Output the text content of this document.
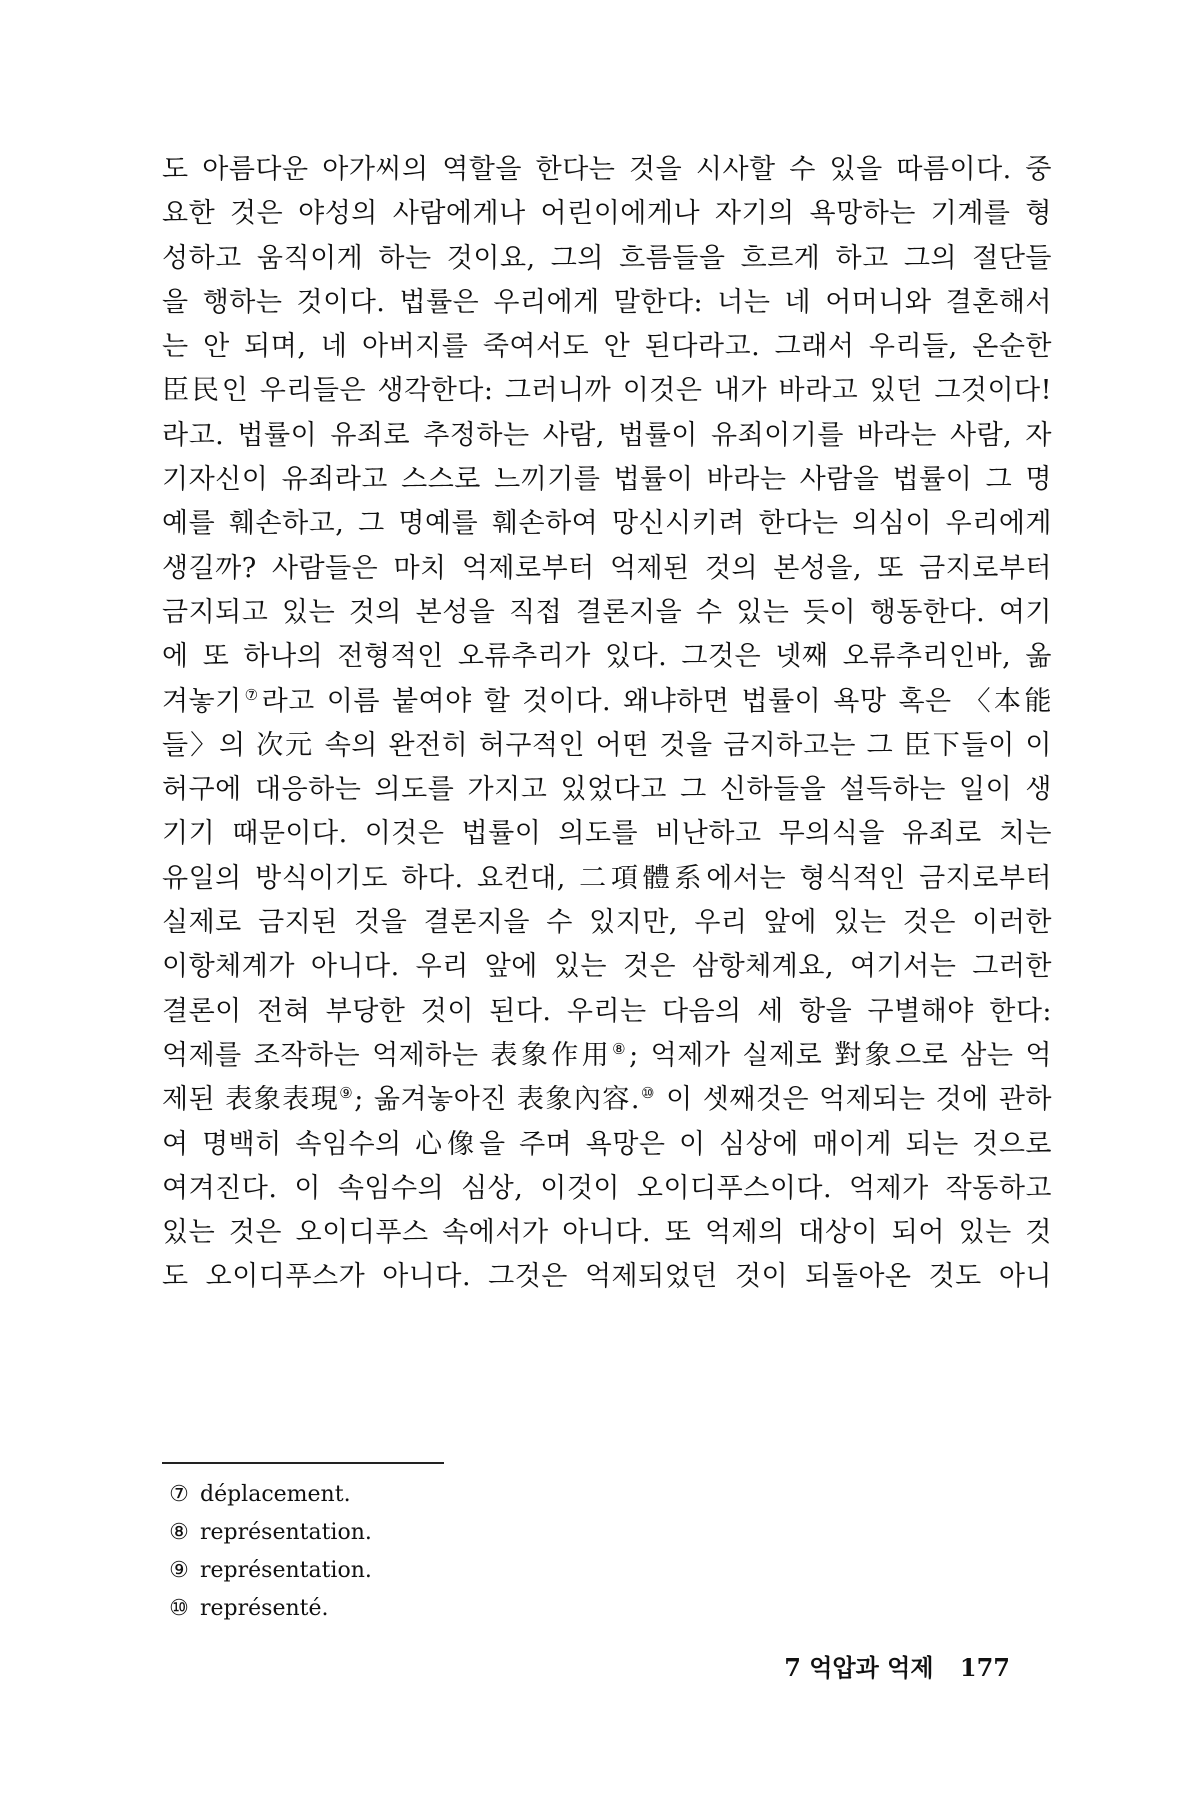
도 아름다운 아가씨의 역할을 한다는 것을 시사할 수 있을 따름이다. 중
요한 것은 야성의 사람에게나 어린이에게나 자기의 욕망하는 기계를 형
성하고 움직이게 하는 것이요, 그의 흐름들을 흐르게 하고 그의 절단들
을 행하는 것이다. 법률은 우리에게 말한다: 너는 네 어머니와 결혼해서
는 안 되며, 네 아버지를 죽여서도 안 된다라고. 그래서 우리들, 온순한
臣民인 우리들은 생각한다: 그러니까 이것은 내가 바라고 있던 그것이다!
라고. 법률이 유죄로 추정하는 사람, 법률이 유죄이기를 바라는 사람, 자
기자신이 유죄라고 스스로 느끼기를 법률이 바라는 사람을 법률이 그 명
예를 훼손하고, 그 명예를 훼손하여 망신시키려 한다는 의심이 우리에게
생길까? 사람들은 마치 억제로부터 억제된 것의 본성을, 또 금지로부터
금지되고 있는 것의 본성을 직접 결론지을 수 있는 듯이 행동한다. 여기
에 또 하나의 전형적인 오류추리가 있다. 그것은 넷째 오류추리인바, 옮
겨놓기⑦라고 이름 붙여야 할 것이다. 왜냐하면 법률이 욕망 혹은 〈本能
들〉의 次元 속의 완전히 허구적인 어떤 것을 금지하고는 그 臣下들이 이
허구에 대응하는 의도를 가지고 있었다고 그 신하들을 설득하는 일이 생
기기 때문이다. 이것은 법률이 의도를 비난하고 무의식을 유죄로 치는
유일의 방식이기도 하다. 요컨대, 二項體系에서는 형식적인 금지로부터
실제로 금지된 것을 결론지을 수 있지만, 우리 앞에 있는 것은 이러한
이항체계가 아니다. 우리 앞에 있는 것은 삼항체계요, 여기서는 그러한
결론이 전혀 부당한 것이 된다. 우리는 다음의 세 항을 구별해야 한다:
억제를 조작하는 억제하는 表象作用⑧; 억제가 실제로 對象으로 삼는 억
제된 表象表現⑨; 옮겨놓아진 表象內容.⑩ 이 셋째것은 억제되는 것에 관하
여 명백히 속임수의 心像을 주며 욕망은 이 심상에 매이게 되는 것으로
여겨진다. 이 속임수의 심상, 이것이 오이디푸스이다. 억제가 작동하고
있는 것은 오이디푸스 속에서가 아니다. 또 억제의 대상이 되어 있는 것
도 오이디푸스가 아니다. 그것은 억제되었던 것이 되돌아온 것도 아니
⑦ déplacement.
⑧ représentation.
⑨ représentation.
⑩ représenté.
7 억압과 억제 177
